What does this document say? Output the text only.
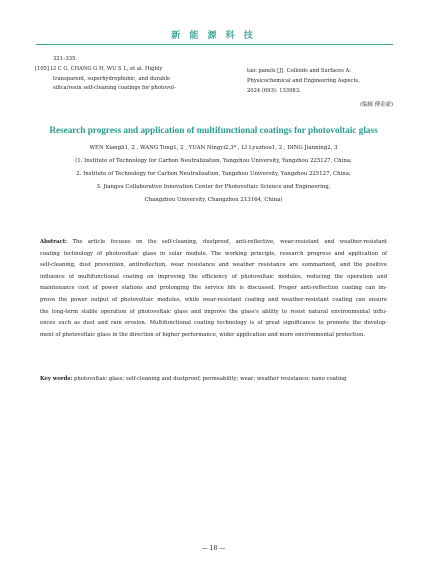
新 能 源 科 技
321–335.
[105] LI C G, CHANG G H, WU S L, et al. Highly
transparent, superhydrophobic, and durable
silica/resin self-cleaning coatings for photovol-
taic panels [J]. Colloids and Surfaces A:
Physicochemical and Engineering Aspects,
2024 (693): 133983.
(编辑 傅金豪)
Research progress and application of multifunctional coatings for photovoltaic glass
WEN Xiangli1, 2 , WANG Tong1, 2 , YUAN Ningyi2,3* , LI Lyuzhou1, 2 , DING Jianning2, 3
(1. Institute of Technology for Carbon Neutralization, Yangzhou University, Yangzhou 225127, China;
2. Institute of Technology for Carbon Neutralization, Yangzhou University, Yangzhou 225127, China;
3. Jiangsu Collaborative Innovation Center for Photovoltaic Science and Engineering,
Changzhou University, Changzhou 213164, China)
Abstract: The article focuses on the self-cleaning, dustproof, anti-reflective, wear-resistant and weather-resistant
coating technology of photovoltaic glass in solar module. The working principle, research progress and application of
self-cleaning, dust prevention, antireflection, wear resistance and weather resistance are summarized, and the positive
influence of multifunctional coating on improving the efficiency of photovoltaic modules, reducing the operation and
maintenance cost of power stations and prolonging the service life is discussed. Proper anti-reflection coating can im-
prove the power output of photovoltaic modules, while wear-resistant coating and weather-resistant coating can ensure
the long-term stable operation of photovoltaic glass and improve the glass's ability to resist natural environmental influ-
ences such as dust and rain erosion. Multifunctional coating technology is of great significance to promote the develop-
ment of photovoltaic glass in the direction of higher performance, wider application and more environmental protection.
Key words: photovoltaic glass; self-cleaning and dustproof; permeability; wear; weather resistance; nano coating
— 18 —
